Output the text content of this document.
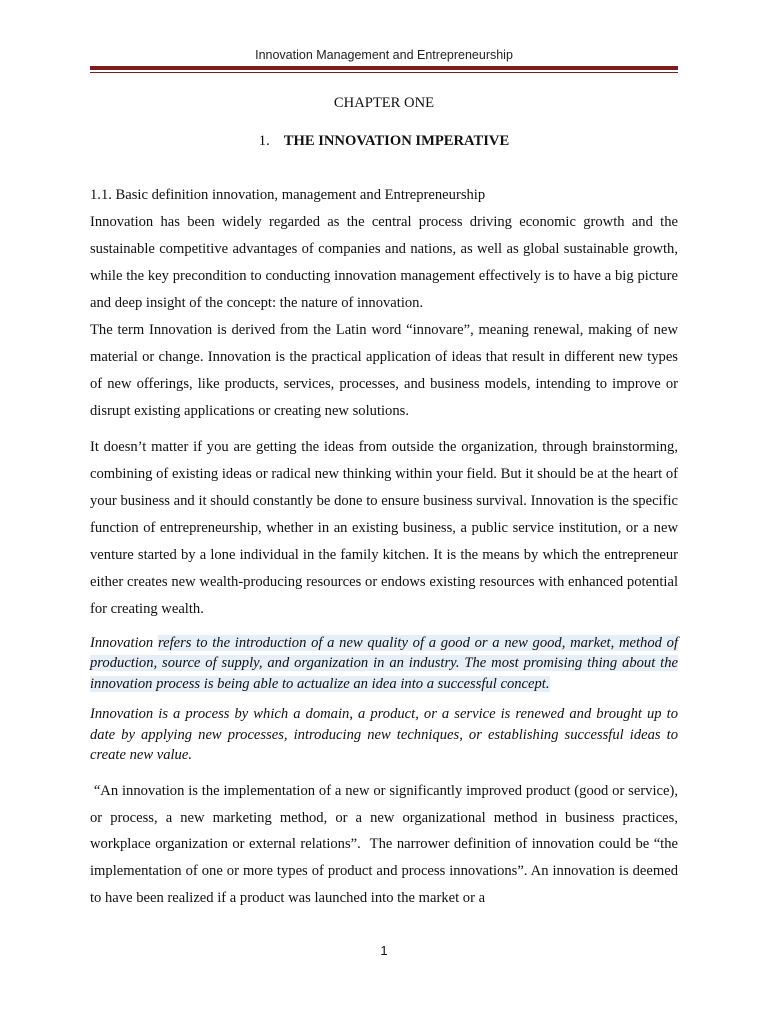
Innovation Management and Entrepreneurship
CHAPTER ONE
1. THE INNOVATION IMPERATIVE
1.1. Basic definition innovation, management and Entrepreneurship

Innovation has been widely regarded as the central process driving economic growth and the sustainable competitive advantages of companies and nations, as well as global sustainable growth, while the key precondition to conducting innovation management effectively is to have a big picture and deep insight of the concept: the nature of innovation.

The term Innovation is derived from the Latin word “innovare”, meaning renewal, making of new material or change. Innovation is the practical application of ideas that result in different new types of new offerings, like products, services, processes, and business models, intending to improve or disrupt existing applications or creating new solutions.

It doesn’t matter if you are getting the ideas from outside the organization, through brainstorming, combining of existing ideas or radical new thinking within your field. But it should be at the heart of your business and it should constantly be done to ensure business survival. Innovation is the specific function of entrepreneurship, whether in an existing business, a public service institution, or a new venture started by a lone individual in the family kitchen. It is the means by which the entrepreneur either creates new wealth-producing resources or endows existing resources with enhanced potential for creating wealth.

Innovation refers to the introduction of a new quality of a good or a new good, market, method of production, source of supply, and organization in an industry. The most promising thing about the innovation process is being able to actualize an idea into a successful concept.

Innovation is a process by which a domain, a product, or a service is renewed and brought up to date by applying new processes, introducing new techniques, or establishing successful ideas to create new value.

“An innovation is the implementation of a new or significantly improved product (good or service), or process, a new marketing method, or a new organizational method in business practices, workplace organization or external relations”.  The narrower definition of innovation could be “the implementation of one or more types of product and process innovations”. An innovation is deemed to have been realized if a product was launched into the market or a

1
